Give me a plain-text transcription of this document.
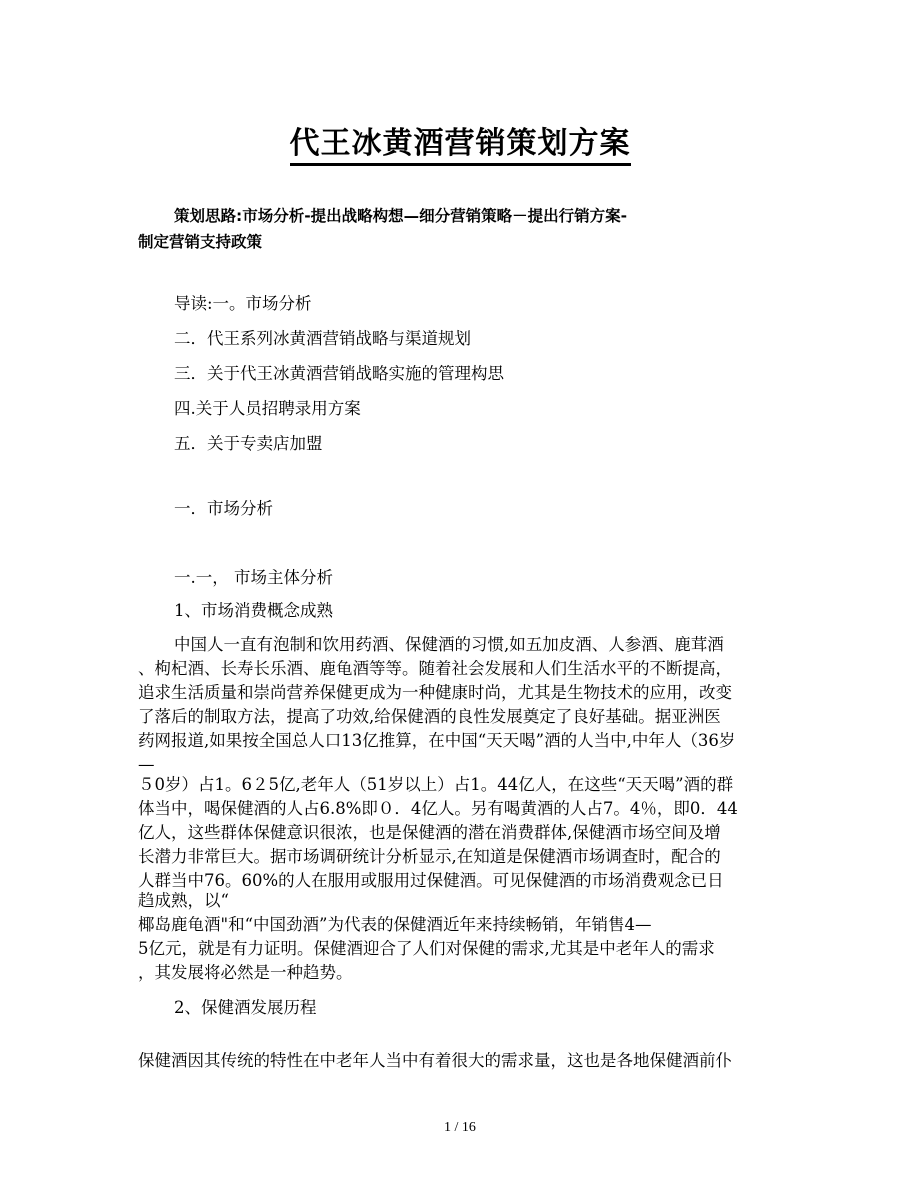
代王冰黄酒营销策划方案
策划思路:市场分析-提出战略构想—细分营销策略－提出行销方案-
制定营销支持政策
导读:一。市场分析
二．代王系列冰黄酒营销战略与渠道规划
三．关于代王冰黄酒营销战略实施的管理构思
四.关于人员招聘录用方案
五．关于专卖店加盟
一．市场分析
一.一， 市场主体分析
1、市场消费概念成熟
中国人一直有泡制和饮用药酒、保健酒的习惯,如五加皮酒、人参酒、鹿茸酒
、枸杞酒、长寿长乐酒、鹿龟酒等等。随着社会发展和人们生活水平的不断提高，
追求生活质量和崇尚营养保健更成为一种健康时尚，尤其是生物技术的应用，改变
了落后的制取方法，提高了功效,给保健酒的良性发展奠定了良好基础。据亚洲医
药网报道,如果按全国总人口13亿推算，在中国“天天喝”酒的人当中,中年人（36岁
—
５0岁）占1。6２5亿,老年人（51岁以上）占1。44亿人，在这些“天天喝”酒的群
体当中，喝保健酒的人占6.8%即０．4亿人。另有喝黄酒的人占7。4％，即0．44
亿人，这些群体保健意识很浓，也是保健酒的潜在消费群体,保健酒市场空间及增
长潜力非常巨大。据市场调研统计分析显示,在知道是保健酒市场调查时，配合的
人群当中76。60%的人在服用或服用过保健酒。可见保健酒的市场消费观念已日
趋成熟，以“
椰岛鹿龟酒"和“中国劲酒”为代表的保健酒近年来持续畅销，年销售4—
5亿元，就是有力证明。保健酒迎合了人们对保健的需求,尤其是中老年人的需求
，其发展将必然是一种趋势。
2、保健酒发展历程
保健酒因其传统的特性在中老年人当中有着很大的需求量，这也是各地保健酒前仆
1 / 16
